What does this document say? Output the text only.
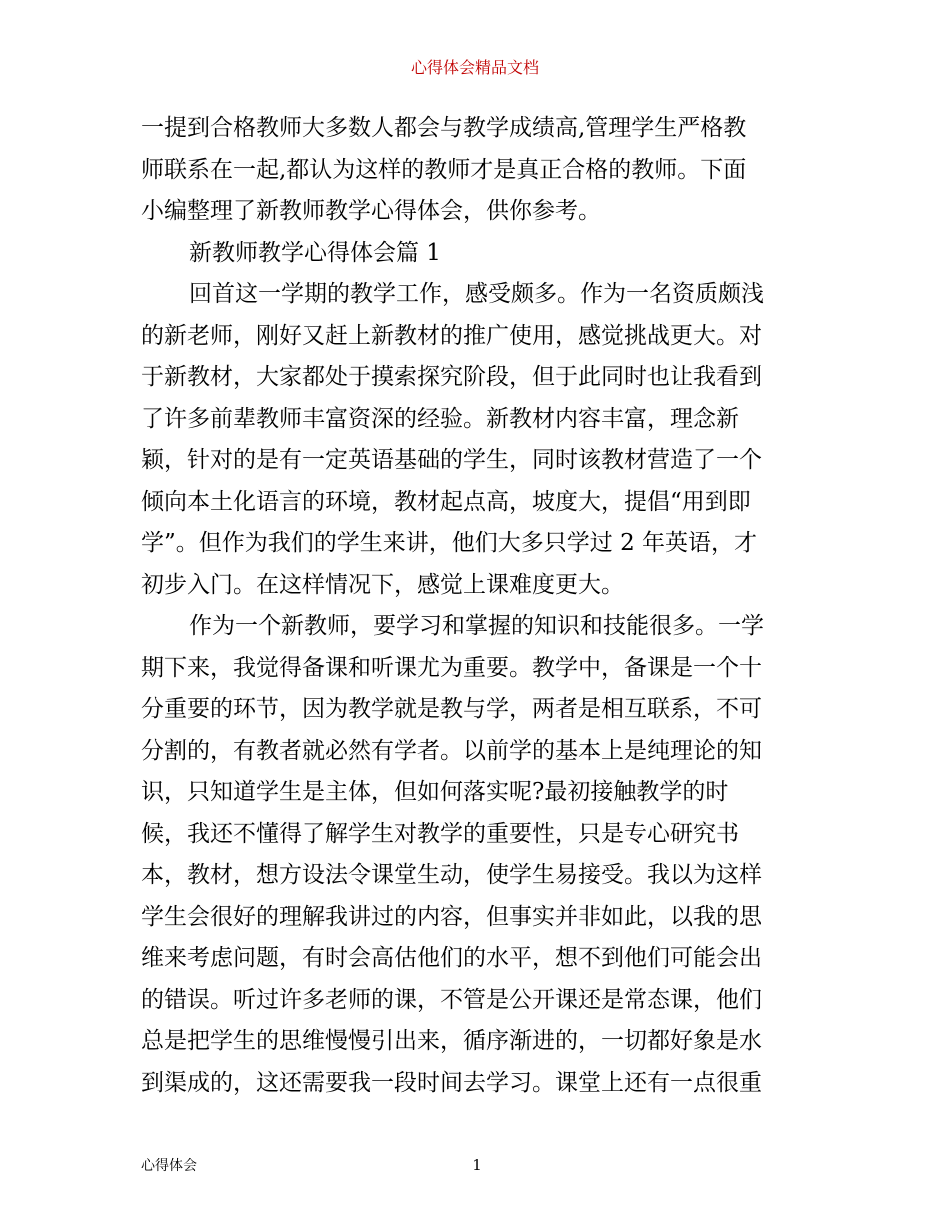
心得体会精品文档
一提到合格教师大多数人都会与教学成绩高,管理学生严格教
师联系在一起,都认为这样的教师才是真正合格的教师。下面
小编整理了新教师教学心得体会，供你参考。
新教师教学心得体会篇 1
回首这一学期的教学工作，感受颇多。作为一名资质颇浅
的新老师，刚好又赶上新教材的推广使用，感觉挑战更大。对
于新教材，大家都处于摸索探究阶段，但于此同时也让我看到
了许多前辈教师丰富资深的经验。新教材内容丰富，理念新
颖，针对的是有一定英语基础的学生，同时该教材营造了一个
倾向本土化语言的环境，教材起点高，坡度大，提倡“用到即
学”。但作为我们的学生来讲，他们大多只学过 2 年英语，才
初步入门。在这样情况下，感觉上课难度更大。
作为一个新教师，要学习和掌握的知识和技能很多。一学
期下来，我觉得备课和听课尤为重要。教学中，备课是一个十
分重要的环节，因为教学就是教与学，两者是相互联系，不可
分割的，有教者就必然有学者。以前学的基本上是纯理论的知
识，只知道学生是主体，但如何落实呢?最初接触教学的时
候，我还不懂得了解学生对教学的重要性，只是专心研究书
本，教材，想方设法令课堂生动，使学生易接受。我以为这样
学生会很好的理解我讲过的内容，但事实并非如此，以我的思
维来考虑问题，有时会高估他们的水平，想不到他们可能会出
的错误。听过许多老师的课，不管是公开课还是常态课，他们
总是把学生的思维慢慢引出来，循序渐进的，一切都好象是水
到渠成的，这还需要我一段时间去学习。课堂上还有一点很重
心得体会	1
